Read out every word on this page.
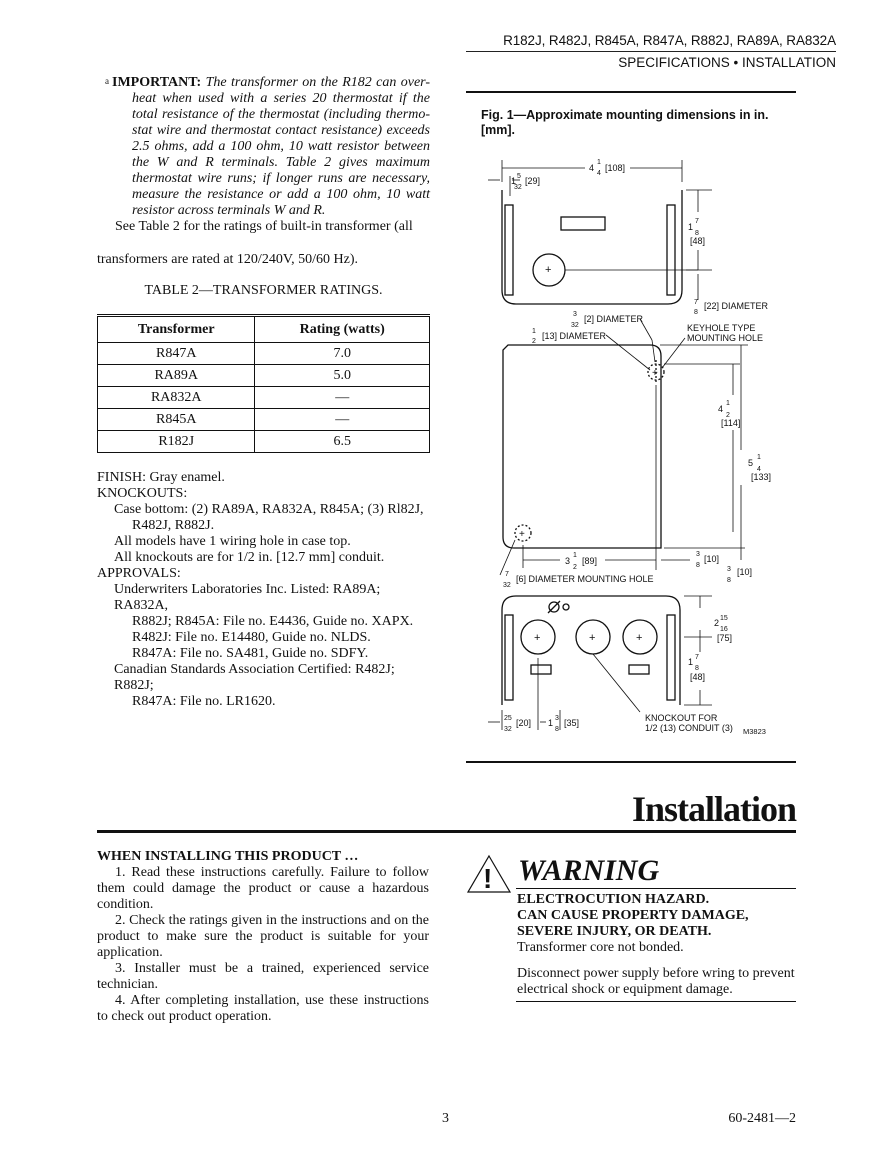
R182J, R482J, R845A, R847A, R882J, RA89A, RA832A
SPECIFICATIONS • INSTALLATION
$^a$ IMPORTANT: The transformer on the R182 can over-heat when used with a series 20 thermostat if the total resistance of the thermostat (including thermo-stat wire and thermostat contact resistance) exceeds 2.5 ohms, add a 100 ohm, 10 watt resistor between the W and R terminals. Table 2 gives maximum thermostat wire runs; if longer runs are necessary, measure the resistance or add a 100 ohm, 10 watt resistor across terminals W and R.
See Table 2 for the ratings of built-in transformer (all
transformers are rated at 120/240V, 50/60 Hz).
TABLE 2—TRANSFORMER RATINGS.
Transformer	Rating (watts)
R847A	7.0
RA89A	5.0
RA832A	—
R845A	—
R182J	6.5
FINISH: Gray enamel.
KNOCKOUTS:
Case bottom: (2) RA89A, RA832A, R845A; (3) Rl82J,
R482J, R882J.
All models have 1 wiring hole in case top.
All knockouts are for 1/2 in. [12.7 mm] conduit.
APPROVALS:
Underwriters Laboratories Inc. Listed: RA89A; RA832A,
R882J; R845A: File no. E4436, Guide no. XAPX.
R482J: File no. E14480, Guide no. NLDS.
R847A: File no. SA481, Guide no. SDFY.
Canadian Standards Association Certified: R482J; R882J;
R847A: File no. LR1620.
Fig. 1—Approximate mounting dimensions in in. [mm].
+
+
+
+	+	+
4
1
4
[108]
1 5
32
[29]
1
7
8
[48]
7
8
[22] DIAMETER
3
32
[2] DIAMETER
1
2
[13] DIAMETER
KEYHOLE TYPE
MOUNTING HOLE
4
1
2
[114]
5
1
4
[133]
3
1
2
[89]
3
8
[10]
3
8
[10]
7
32
[6] DIAMETER MOUNTING HOLE
2 15
16
[75]
1 7
8
[48]
25
32
[20] 1 3
8
[35]	KNOCKOUT FOR
1/2 (13) CONDUIT (3) M3823
Installation
WHEN INSTALLING THIS PRODUCT …

1. Read these instructions carefully. Failure to follow them could damage the product or cause a hazardous condition.

2. Check the ratings given in the instructions and on the product to make sure the product is suitable for your application.

3. Installer must be a trained, experienced service technician.

4. After completing installation, use these instructions to check out product operation.

! WARNING
ELECTROCUTION HAZARD.
CAN CAUSE PROPERTY DAMAGE,
SEVERE INJURY, OR DEATH.
Transformer core not bonded.
Disconnect power supply before wring to prevent electrical shock or equipment damage.
3	60-2481—2
